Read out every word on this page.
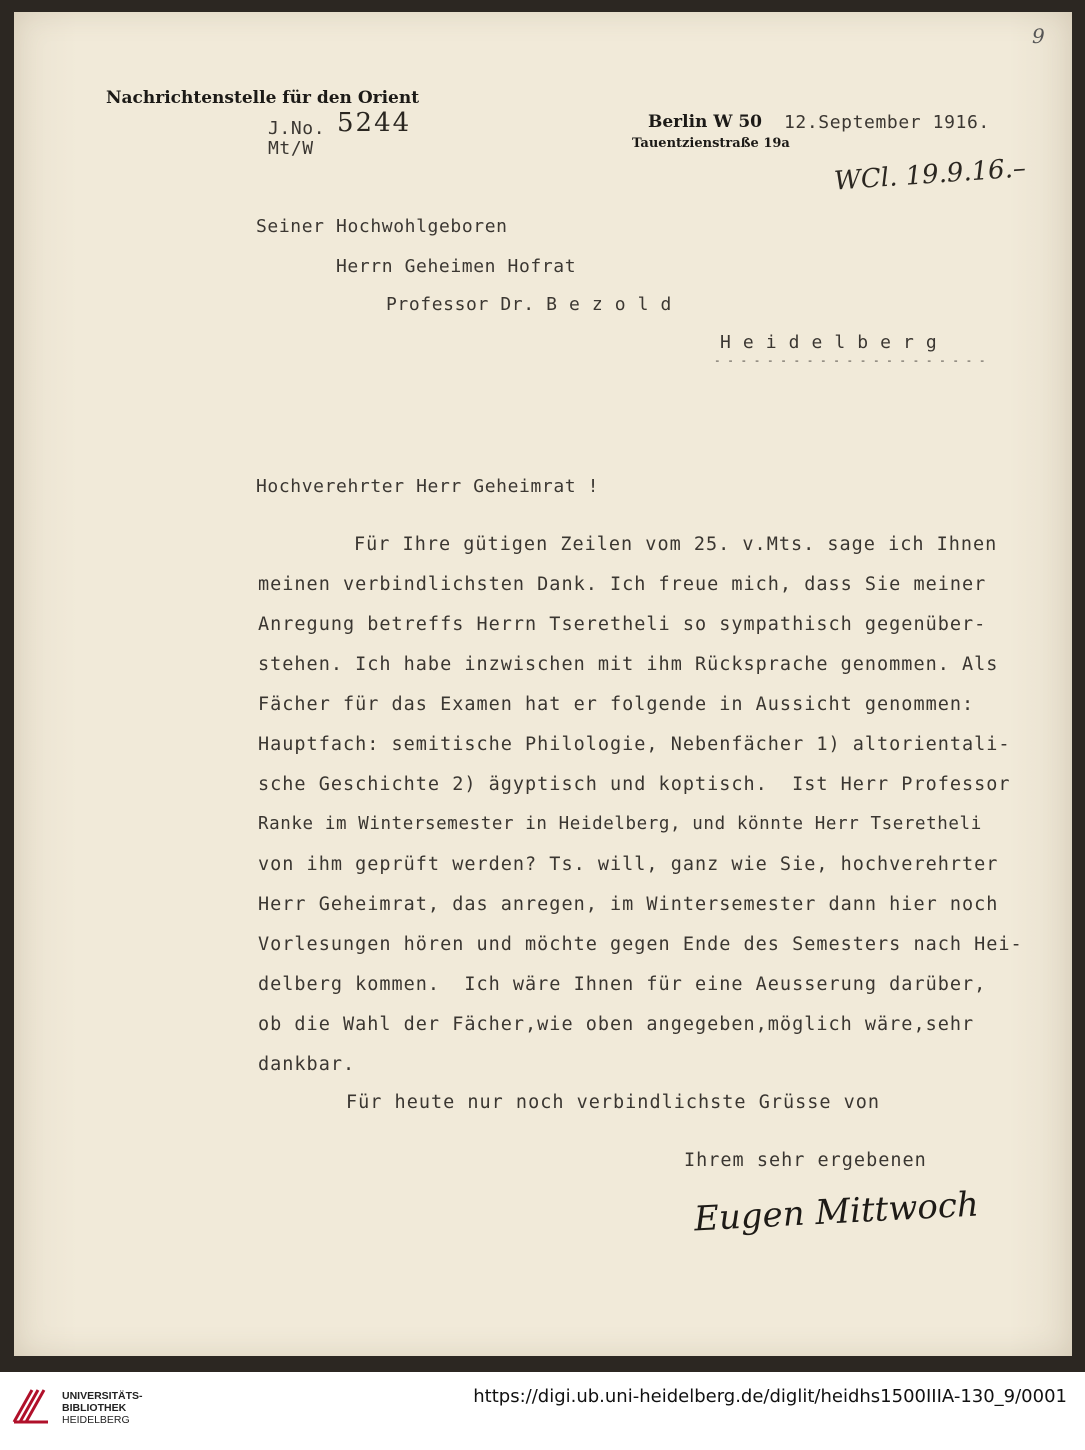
9
Nachrichtenstelle für den Orient
J.No. 5244
Mt/W
Berlin W 50 12.September 1916.
Tauentzienstraße 19a
WCl. 19.9.16.–
Seiner Hochwohlgeboren
Herrn Geheimen Hofrat
Professor Dr. B e z o l d
H e i d e l b e r g
- - - - - - - - - - - - - - - - - - - - -
Hochverehrter Herr Geheimrat !
Für Ihre gütigen Zeilen vom 25. v.Mts. sage ich Ihnen
meinen verbindlichsten Dank. Ich freue mich, dass Sie meiner
Anregung betreffs Herrn Tseretheli so sympathisch gegenüber-
stehen. Ich habe inzwischen mit ihm Rücksprache genommen. Als
Fächer für das Examen hat er folgende in Aussicht genommen:
Hauptfach: semitische Philologie, Nebenfächer 1) altorientali-
sche Geschichte 2) ägyptisch und koptisch.  Ist Herr Professor
Ranke im Wintersemester in Heidelberg, und könnte Herr Tseretheli
von ihm geprüft werden? Ts. will, ganz wie Sie, hochverehrter
Herr Geheimrat, das anregen, im Wintersemester dann hier noch
Vorlesungen hören und möchte gegen Ende des Semesters nach Hei-
delberg kommen.  Ich wäre Ihnen für eine Aeusserung darüber,
ob die Wahl der Fächer,wie oben angegeben,möglich wäre,sehr
dankbar.
Für heute nur noch verbindlichste Grüsse von
Ihrem sehr ergebenen
Eugen Mittwoch
UNIVERSITÄTS-
BIBLIOTHEK
HEIDELBERG
https://digi.ub.uni-heidelberg.de/diglit/heidhs1500IIIA-130_9/0001
